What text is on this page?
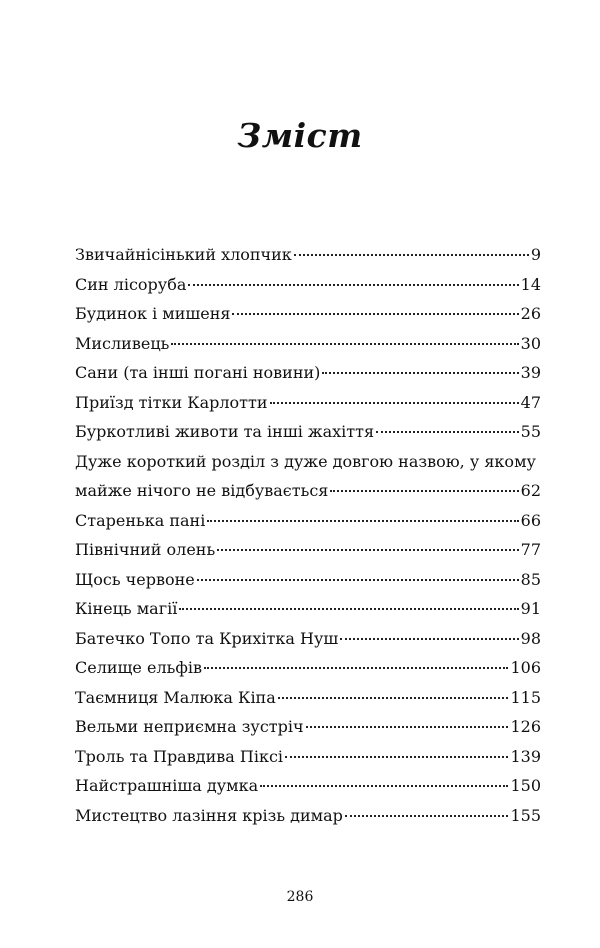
Зміст
Звичайнісінький хлопчик	9
Син лісоруба	14
Будинок і мишеня	26
Мисливець	30
Сани (та інші погані новини)	39
Приїзд тітки Карлотти	47
Буркотливі животи та інші жахіття	55
Дуже короткий розділ з дуже довгою назвою, у якому
майже нічого не відбувається	62
Старенька пані	66
Північний олень	77
Щось червоне	85
Кінець магії	91
Батечко Топо та Крихітка Нуш	98
Селище ельфів	106
Таємниця Малюка Кіпа	115
Вельми неприємна зустріч	126
Троль та Правдива Піксі	139
Найстрашніша думка	150
Мистецтво лазіння крізь димар	155
286
